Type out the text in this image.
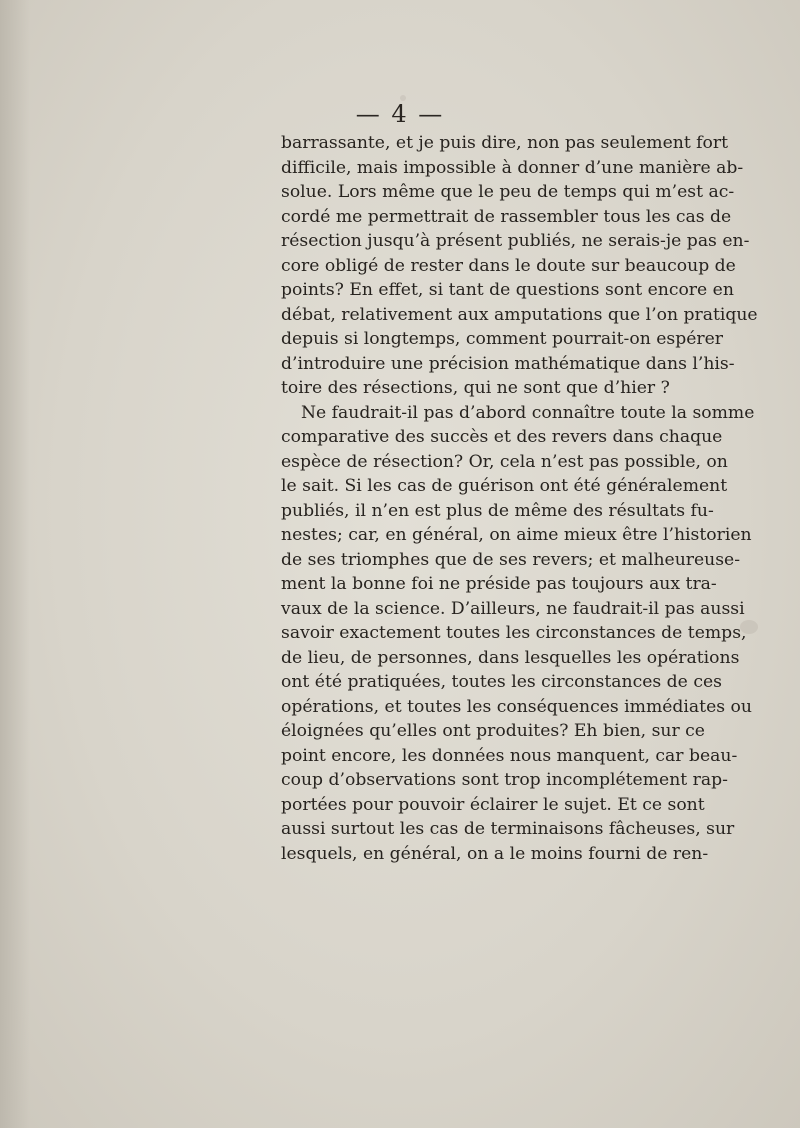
— 4 —
barrassante, et je puis dire, non pas seulement fort
difficile, mais impossible à donner d’une manière ab-
solue. Lors même que le peu de temps qui m’est ac-
cordé me permettrait de rassembler tous les cas de
résection jusqu’à présent publiés, ne serais-je pas en-
core obligé de rester dans le doute sur beaucoup de
points? En effet, si tant de questions sont encore en
débat, relativement aux amputations que l’on pratique
depuis si longtemps, comment pourrait-on espérer
d’introduire une précision mathématique dans l’his-
toire des résections, qui ne sont que d’hier ?
Ne faudrait-il pas d’abord connaître toute la somme
comparative des succès et des revers dans chaque
espèce de résection? Or, cela n’est pas possible, on
le sait. Si les cas de guérison ont été généralement
publiés, il n’en est plus de même des résultats fu-
nestes; car, en général, on aime mieux être l’historien
de ses triomphes que de ses revers; et malheureuse-
ment la bonne foi ne préside pas toujours aux tra-
vaux de la science. D’ailleurs, ne faudrait-il pas aussi
savoir exactement toutes les circonstances de temps,
de lieu, de personnes, dans lesquelles les opérations
ont été pratiquées, toutes les circonstances de ces
opérations, et toutes les conséquences immédiates ou
éloignées qu’elles ont produites? Eh bien, sur ce
point encore, les données nous manquent, car beau-
coup d’observations sont trop incomplétement rap-
portées pour pouvoir éclairer le sujet. Et ce sont
aussi surtout les cas de terminaisons fâcheuses, sur
lesquels, en général, on a le moins fourni de ren-
